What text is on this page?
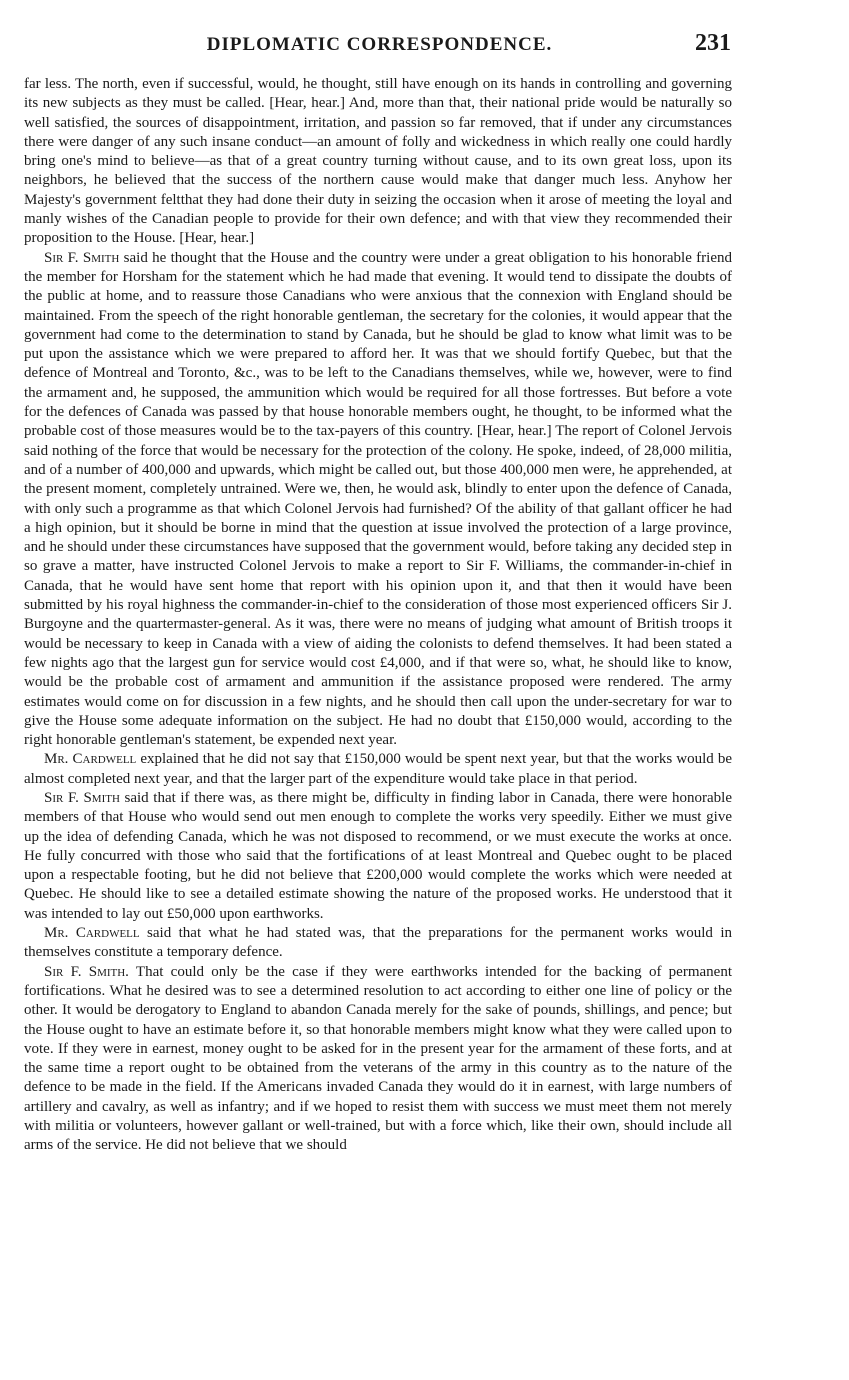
DIPLOMATIC CORRESPONDENCE.	231

far less. The north, even if successful, would, he thought, still have enough on its hands in controlling and governing its new subjects as they must be called. [Hear, hear.] And, more than that, their national pride would be naturally so well satisfied, the sources of disappointment, irritation, and passion so far removed, that if under any circumstances there were danger of any such insane conduct—an amount of folly and wickedness in which really one could hardly bring one's mind to believe—as that of a great country turning without cause, and to its own great loss, upon its neighbors, he believed that the success of the northern cause would make that danger much less. Anyhow her Majesty's government feltthat they had done their duty in seizing the occasion when it arose of meeting the loyal and manly wishes of the Canadian people to provide for their own defence; and with that view they recommended their proposition to the House. [Hear, hear.]

Sir F. Smith said he thought that the House and the country were under a great obligation to his honorable friend the member for Horsham for the statement which he had made that evening. It would tend to dissipate the doubts of the public at home, and to reassure those Canadians who were anxious that the connexion with England should be maintained. From the speech of the right honorable gentleman, the secretary for the colonies, it would appear that the government had come to the determination to stand by Canada, but he should be glad to know what limit was to be put upon the assistance which we were prepared to afford her. It was that we should fortify Quebec, but that the defence of Montreal and Toronto, &c., was to be left to the Canadians themselves, while we, however, were to find the armament and, he supposed, the ammunition which would be required for all those fortresses. But before a vote for the defences of Canada was passed by that house honorable members ought, he thought, to be informed what the probable cost of those measures would be to the tax-payers of this country. [Hear, hear.] The report of Colonel Jervois said nothing of the force that would be necessary for the protection of the colony. He spoke, indeed, of 28,000 militia, and of a number of 400,000 and upwards, which might be called out, but those 400,000 men were, he apprehended, at the present moment, completely untrained. Were we, then, he would ask, blindly to enter upon the defence of Canada, with only such a programme as that which Colonel Jervois had furnished? Of the ability of that gallant officer he had a high opinion, but it should be borne in mind that the question at issue involved the protection of a large province, and he should under these circumstances have supposed that the government would, before taking any decided step in so grave a matter, have instructed Colonel Jervois to make a report to Sir F. Williams, the commander-in-chief in Canada, that he would have sent home that report with his opinion upon it, and that then it would have been submitted by his royal highness the commander-in-chief to the consideration of those most experienced officers Sir J. Burgoyne and the quartermaster-general. As it was, there were no means of judging what amount of British troops it would be necessary to keep in Canada with a view of aiding the colonists to defend themselves. It had been stated a few nights ago that the largest gun for service would cost £4,000, and if that were so, what, he should like to know, would be the probable cost of armament and ammunition if the assistance proposed were rendered. The army estimates would come on for discussion in a few nights, and he should then call upon the under-secretary for war to give the House some adequate information on the subject. He had no doubt that £150,000 would, according to the right honorable gentleman's statement, be expended next year.

Mr. Cardwell explained that he did not say that £150,000 would be spent next year, but that the works would be almost completed next year, and that the larger part of the expenditure would take place in that period.

Sir F. Smith said that if there was, as there might be, difficulty in finding labor in Canada, there were honorable members of that House who would send out men enough to complete the works very speedily. Either we must give up the idea of defending Canada, which he was not disposed to recommend, or we must execute the works at once. He fully concurred with those who said that the fortifications of at least Montreal and Quebec ought to be placed upon a respectable footing, but he did not believe that £200,000 would complete the works which were needed at Quebec. He should like to see a detailed estimate showing the nature of the proposed works. He understood that it was intended to lay out £50,000 upon earthworks.

Mr. Cardwell said that what he had stated was, that the preparations for the permanent works would in themselves constitute a temporary defence.

Sir F. Smith. That could only be the case if they were earthworks intended for the backing of permanent fortifications. What he desired was to see a determined resolution to act according to either one line of policy or the other. It would be derogatory to England to abandon Canada merely for the sake of pounds, shillings, and pence; but the House ought to have an estimate before it, so that honorable members might know what they were called upon to vote. If they were in earnest, money ought to be asked for in the present year for the armament of these forts, and at the same time a report ought to be obtained from the veterans of the army in this country as to the nature of the defence to be made in the field. If the Americans invaded Canada they would do it in earnest, with large numbers of artillery and cavalry, as well as infantry; and if we hoped to resist them with success we must meet them not merely with militia or volunteers, however gallant or well-trained, but with a force which, like their own, should include all arms of the service. He did not believe that we should
